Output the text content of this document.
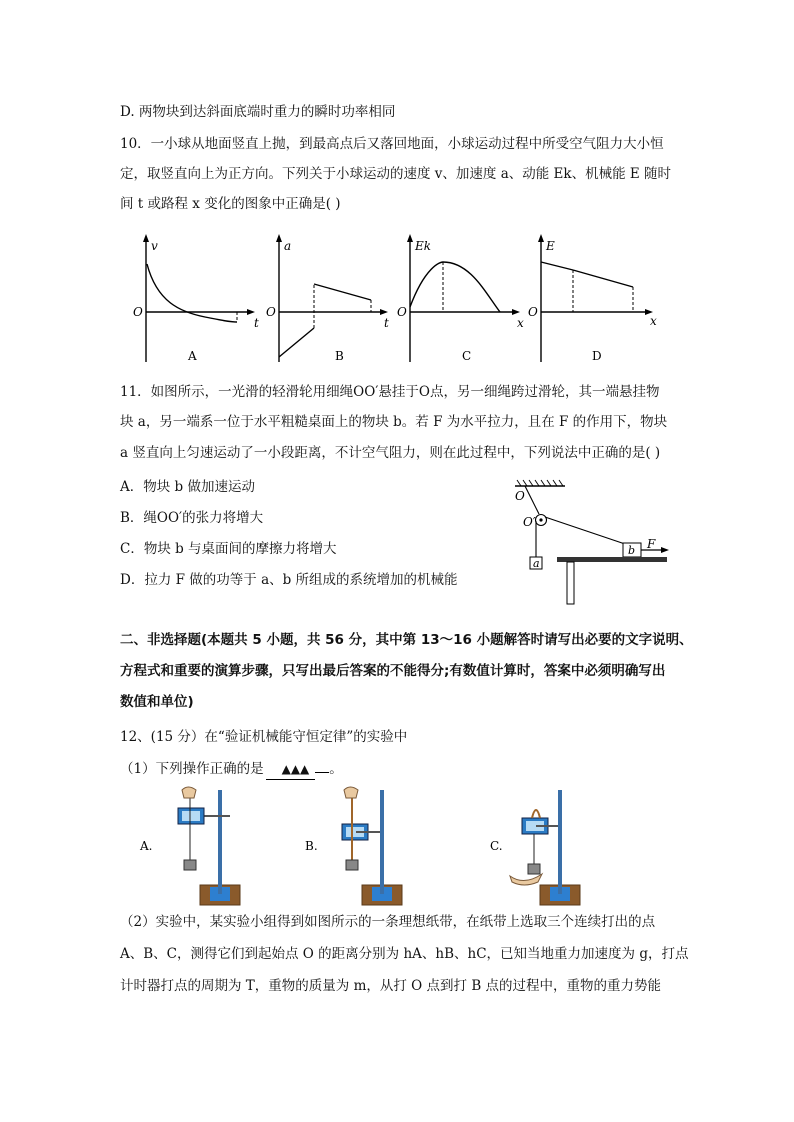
D. 两物块到达斜面底端时重力的瞬时功率相同
10．一小球从地面竖直上抛，到最高点后又落回地面，小球运动过程中所受空气阻力大小恒
定，取竖直向上为正方向。下列关于小球运动的速度 v、加速度 a、动能 Ek、机械能 E 随时
间 t 或路程 x 变化的图象中正确是( )
v
O
t
A
a
O
t
B
Ek
O
x
C
E
O
x
D
11．如图所示，一光滑的轻滑轮用细绳OO′悬挂于O点，另一细绳跨过滑轮，其一端悬挂物
块 a，另一端系一位于水平粗糙桌面上的物块 b。若 F 为水平拉力，且在 F 的作用下，物块
a 竖直向上匀速运动了一小段距离，不计空气阻力，则在此过程中，下列说法中正确的是( )
A．物块 b 做加速运动
B．绳OO′的张力将增大
C．物块 b 与桌面间的摩擦力将增大
D．拉力 F 做的功等于 a、b 所组成的系统增加的机械能
O
O′
a
b F
二、非选择题(本题共 5 小题，共 56 分，其中第 13～16 小题解答时请写出必要的文字说明、
方程式和重要的演算步骤，只写出最后答案的不能得分;有数值计算时，答案中必须明确写出
数值和单位)
12、(15 分）在“验证机械能守恒定律”的实验中
（1）下列操作正确的是 ▲▲▲ 。
A.	B.	C.
（2）实验中，某实验小组得到如图所示的一条理想纸带，在纸带上选取三个连续打出的点
A、B、C，测得它们到起始点 O 的距离分别为 hA、hB、hC，已知当地重力加速度为 g，打点
计时器打点的周期为 T，重物的质量为 m，从打 O 点到打 B 点的过程中，重物的重力势能
